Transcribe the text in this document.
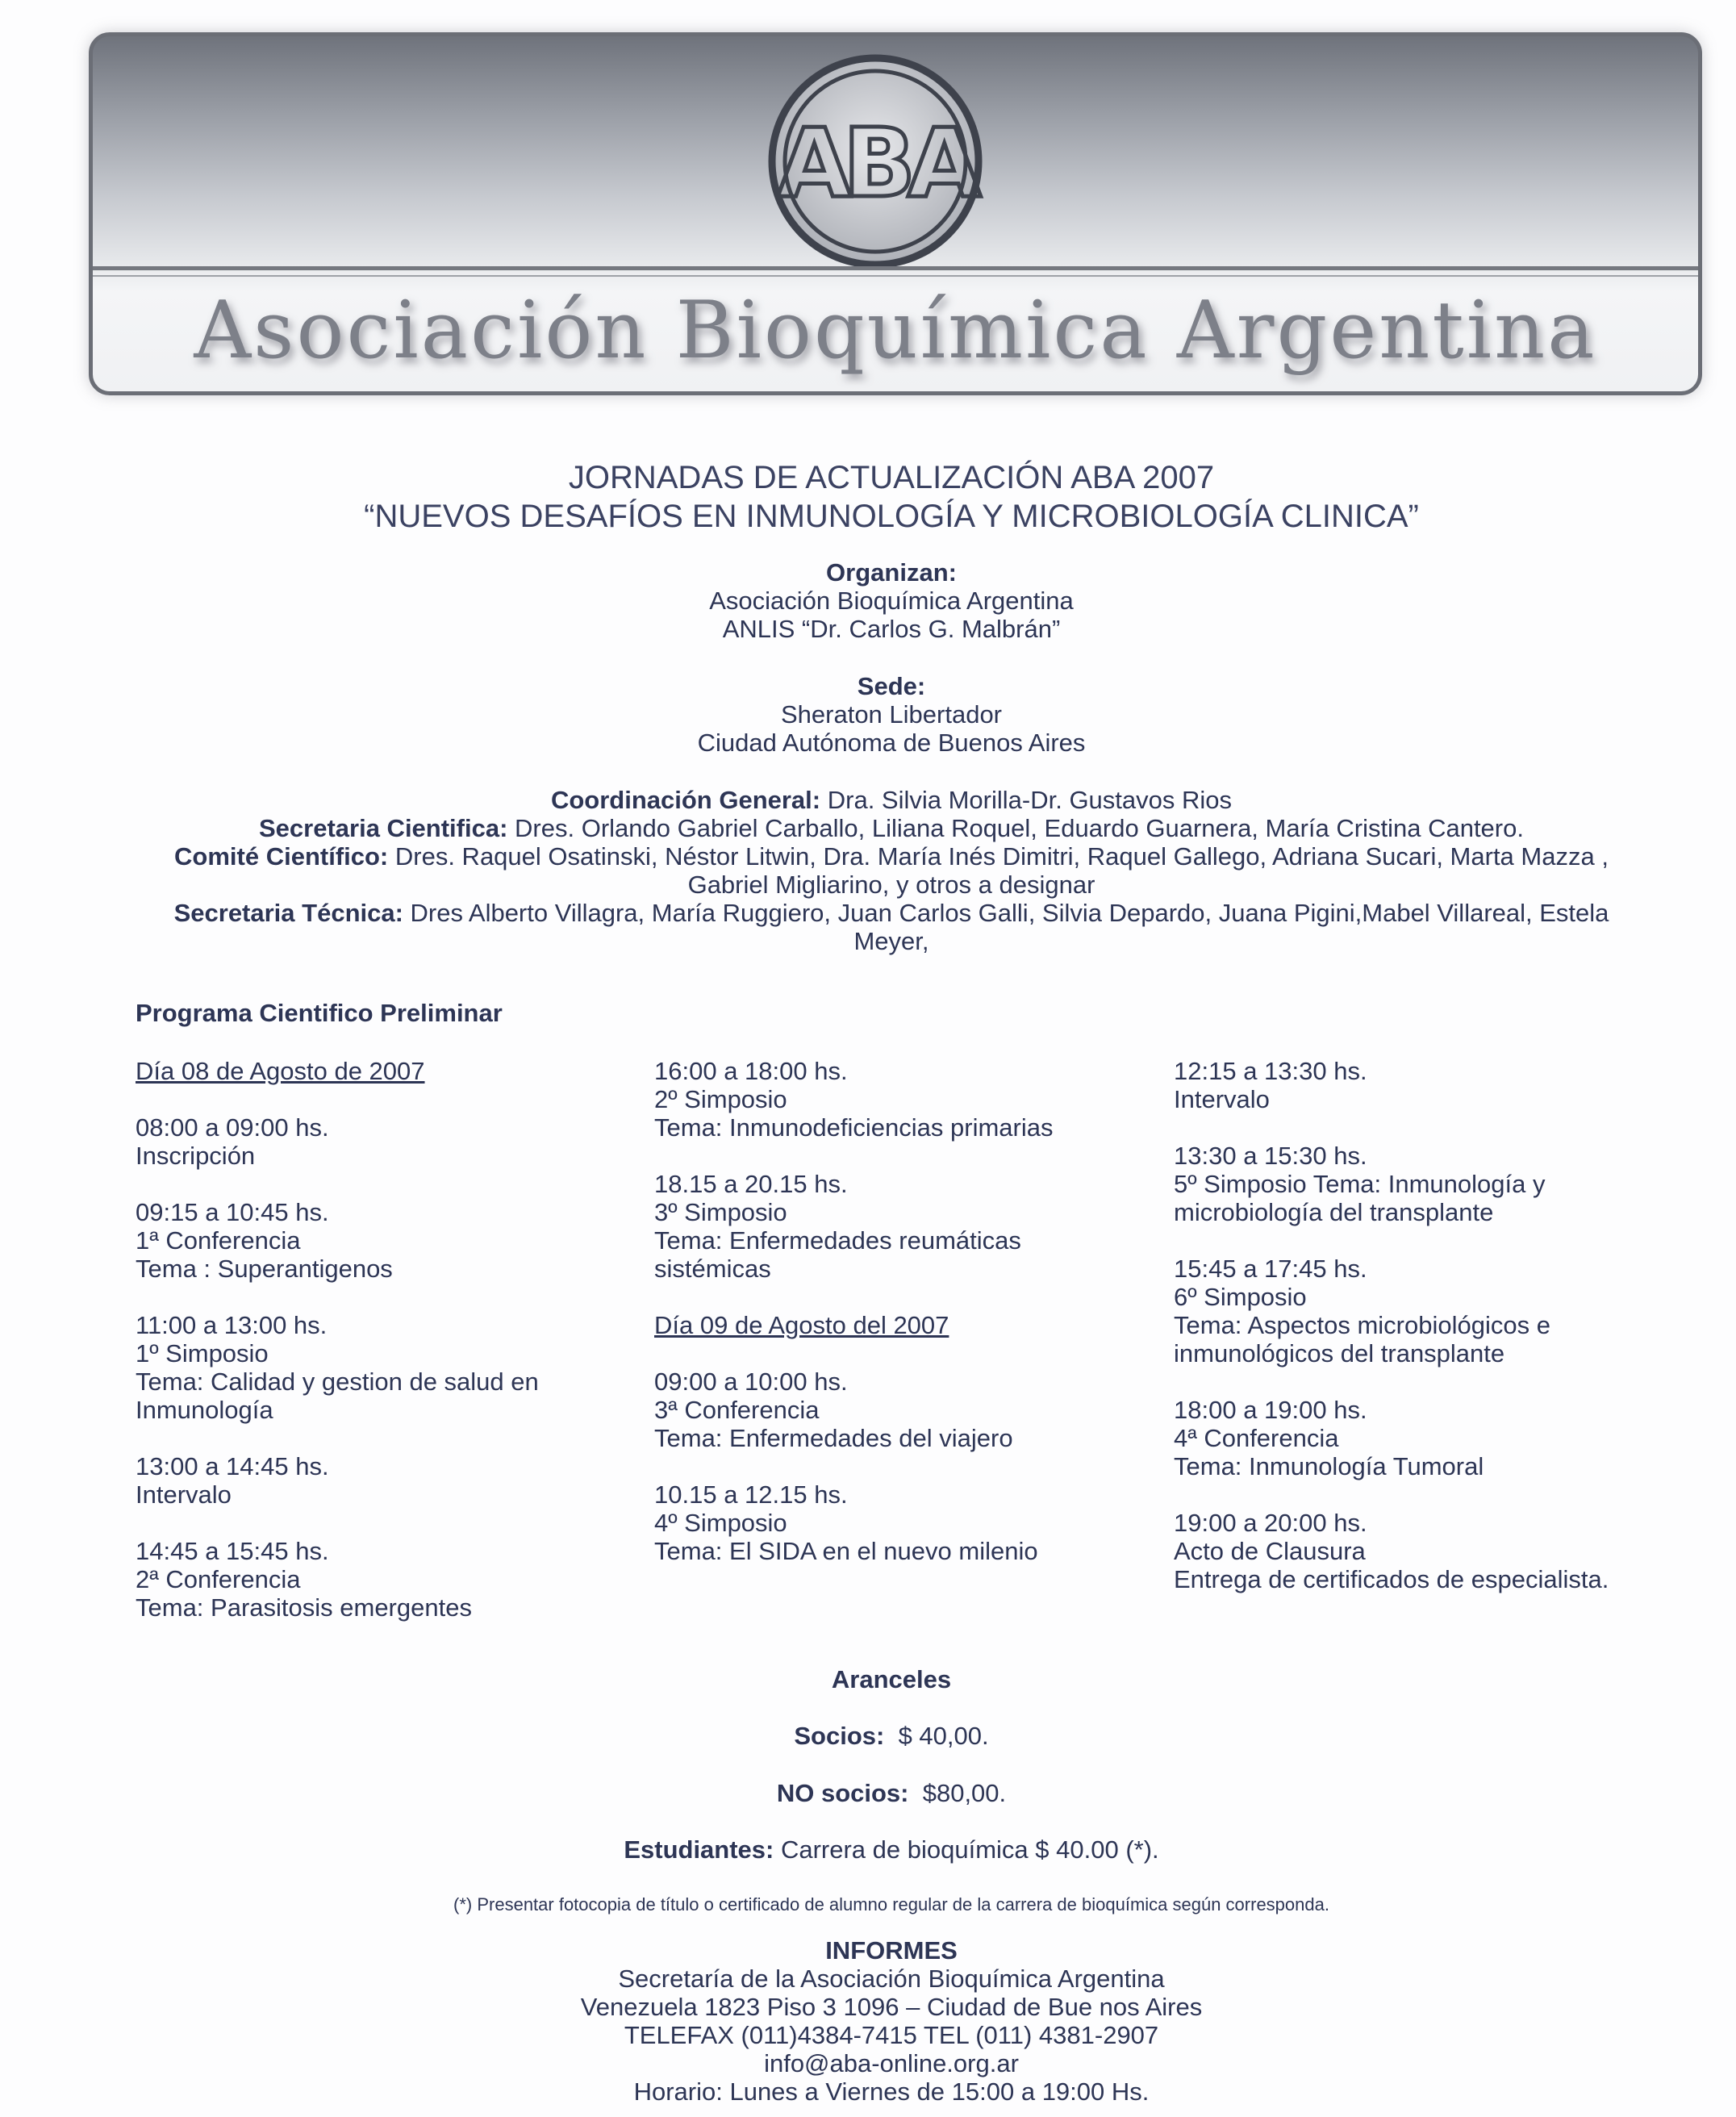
ABA
Asociación Bioquímica Argentina
JORNADAS DE ACTUALIZACIÓN ABA 2007
“NUEVOS DESAFÍOS EN INMUNOLOGÍA Y MICROBIOLOGÍA CLINICA”
Organizan:
Asociación Bioquímica Argentina
ANLIS “Dr. Carlos G. Malbrán”
Sede:
Sheraton Libertador
Ciudad Autónoma de Buenos Aires

Coordinación General: Dra. Silvia Morilla-Dr. Gustavos Rios

Secretaria Cientifica: Dres. Orlando Gabriel Carballo, Liliana Roquel, Eduardo Guarnera, María Cristina Cantero.

Comité Científico: Dres. Raquel Osatinski, Néstor Litwin, Dra. María Inés Dimitri, Raquel Gallego, Adriana Sucari, Marta Mazza , Gabriel Migliarino, y otros a designar

Secretaria Técnica: Dres Alberto Villagra, María Ruggiero, Juan Carlos Galli, Silvia Depardo, Juana Pigini,Mabel Villareal, Estela Meyer,

Programa Cientifico Preliminar
Día 08 de Agosto de 2007
08:00 a 09:00 hs.
Inscripción
09:15 a 10:45 hs.
1ª Conferencia
Tema : Superantigenos
11:00 a 13:00 hs.
1º Simposio
Tema: Calidad y gestion de salud en
Inmunología
13:00 a 14:45 hs.
Intervalo
14:45 a 15:45 hs.
2ª Conferencia
Tema: Parasitosis emergentes
16:00 a 18:00 hs.
2º Simposio
Tema: Inmunodeficiencias primarias
18.15 a 20.15 hs.
3º Simposio
Tema: Enfermedades reumáticas
sistémicas
Día 09 de Agosto del 2007
09:00 a 10:00 hs.
3ª Conferencia
Tema: Enfermedades del viajero
10.15 a 12.15 hs.
4º Simposio
Tema: El SIDA en el nuevo milenio
12:15 a 13:30 hs.
Intervalo
13:30 a 15:30 hs.
5º Simposio Tema: Inmunología y
microbiología del transplante
15:45 a 17:45 hs.
6º Simposio
Tema: Aspectos microbiológicos e
inmunológicos del transplante
18:00 a 19:00 hs.
4ª Conferencia
Tema: Inmunología Tumoral
19:00 a 20:00 hs.
Acto de Clausura
Entrega de certificados de especialista.
Aranceles
Socios:  $ 40,00.
NO socios:  $80,00.
Estudiantes: Carrera de bioquímica $ 40.00 (*).
(*) Presentar fotocopia de título o certificado de alumno regular de la carrera de bioquímica según corresponda.
INFORMES
Secretaría de la Asociación Bioquímica Argentina
Venezuela 1823 Piso 3 1096 – Ciudad de Bue nos Aires
TELEFAX (011)4384-7415 TEL (011) 4381-2907
info@aba-online.org.ar
Horario: Lunes a Viernes de 15:00 a 19:00 Hs.
